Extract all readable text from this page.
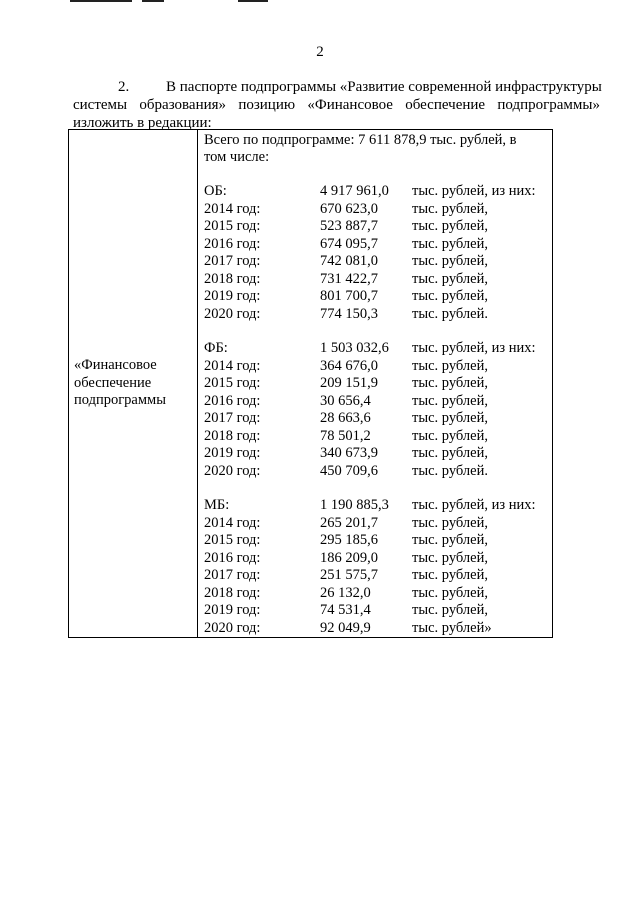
2
2. В паспорте подпрограммы «Развитие современной инфраструктуры
системы образования» позицию «Финансовое обеспечение подпрограммы»
изложить в редакции:
«Финансовое
обеспечение
подпрограммы

Всего по подпрограмме: 7 611 878,9 тыс. рублей, в
том числе:
ОБ:	4 917 961,0	тыс. рублей, из них:
2014 год:	670 623,0	тыс. рублей,
2015 год:	523 887,7	тыс. рублей,
2016 год:	674 095,7	тыс. рублей,
2017 год:	742 081,0	тыс. рублей,
2018 год:	731 422,7	тыс. рублей,
2019 год:	801 700,7	тыс. рублей,
2020 год:	774 150,3	тыс. рублей.
ФБ:	1 503 032,6	тыс. рублей, из них:
2014 год:	364 676,0	тыс. рублей,
2015 год:	209 151,9	тыс. рублей,
2016 год:	30 656,4	тыс. рублей,
2017 год:	28 663,6	тыс. рублей,
2018 год:	78 501,2	тыс. рублей,
2019 год:	340 673,9	тыс. рублей,
2020 год:	450 709,6	тыс. рублей.
МБ:	1 190 885,3	тыс. рублей, из них:
2014 год:	265 201,7	тыс. рублей,
2015 год:	295 185,6	тыс. рублей,
2016 год:	186 209,0	тыс. рублей,
2017 год:	251 575,7	тыс. рублей,
2018 год:	26 132,0	тыс. рублей,
2019 год:	74 531,4	тыс. рублей,
2020 год:	92 049,9	тыс. рублей»
